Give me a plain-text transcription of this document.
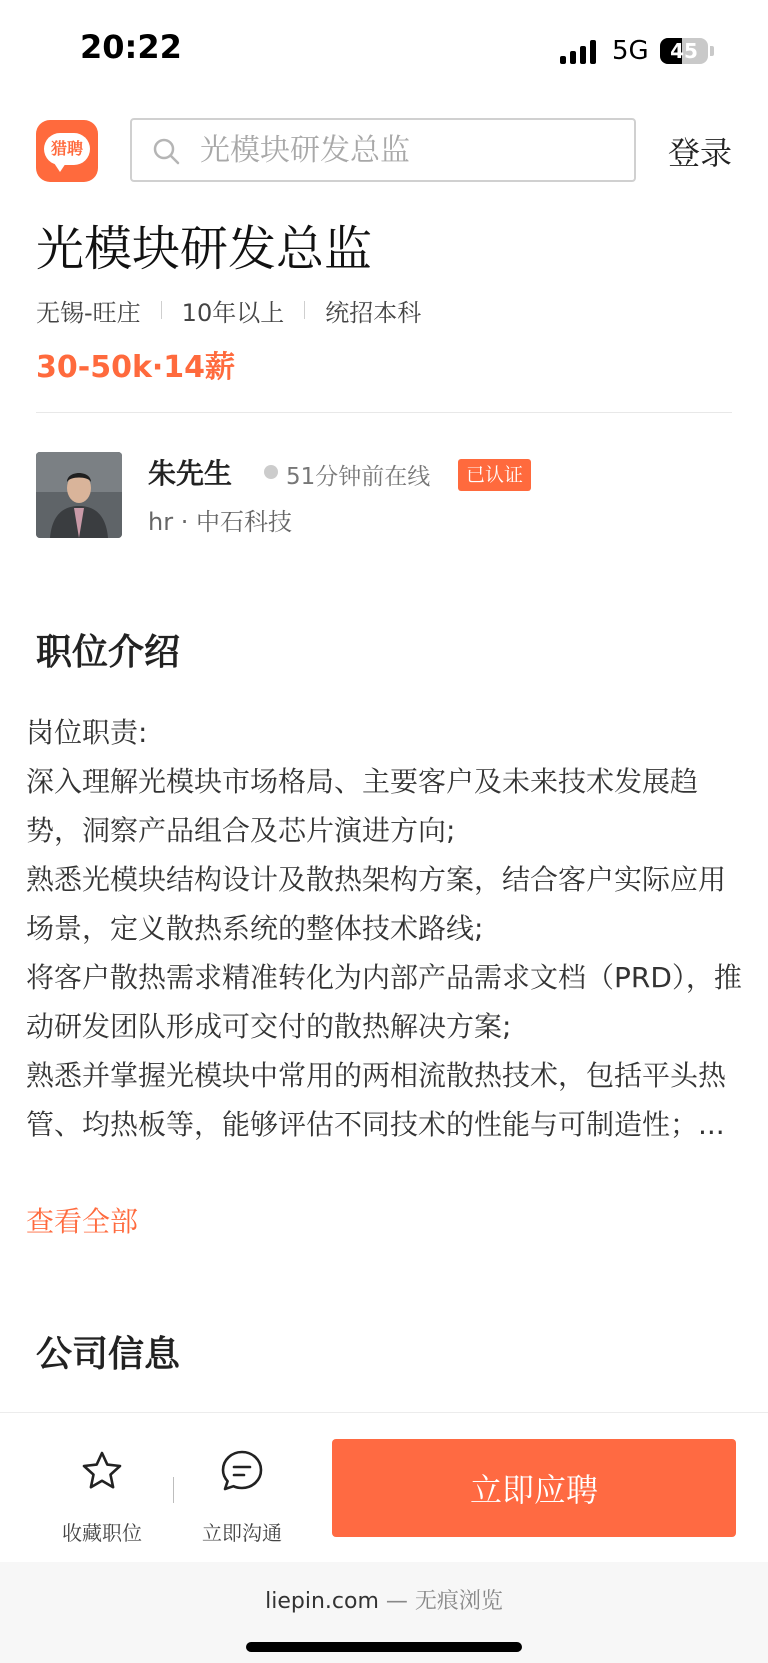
20:22	5G	45
猎聘
光模块研发总监	登录
光模块研发总监
无锡-旺庄 10年以上 统招本科
30-50k·14薪
朱先生 51分钟前在线	已认证
hr · 中石科技
职位介绍

岗位职责:

深入理解光模块市场格局、主要客户及未来技术发展趋势，洞察产品组合及芯片演进方向;

熟悉光模块结构设计及散热架构方案，结合客户实际应用场景，定义散热系统的整体技术路线;

将客户散热需求精准转化为内部产品需求文档（PRD），推动研发团队形成可交付的散热解决方案;

熟悉并掌握光模块中常用的两相流散热技术，包括平头热管、均热板等，能够评估不同技术的性能与可制造性；...

查看全部
公司信息
收藏职位	立即沟通
立即应聘
liepin.com — 无痕浏览
